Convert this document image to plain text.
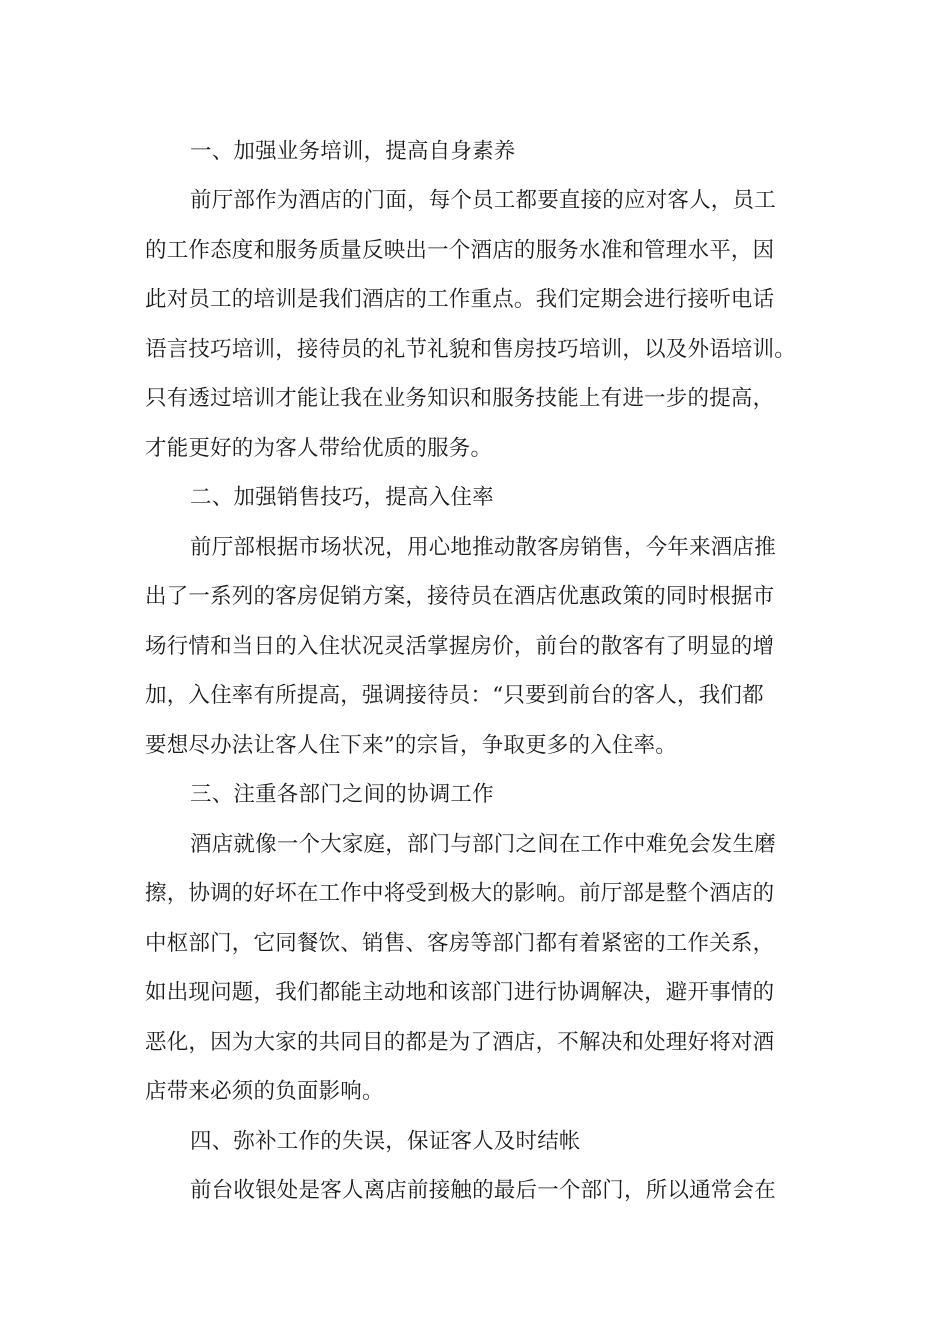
一、加强业务培训，提高自身素养
前厅部作为酒店的门面，每个员工都要直接的应对客人，员工
的工作态度和服务质量反映出一个酒店的服务水准和管理水平，因
此对员工的培训是我们酒店的工作重点。我们定期会进行接听电话
语言技巧培训，接待员的礼节礼貌和售房技巧培训，以及外语培训。
只有透过培训才能让我在业务知识和服务技能上有进一步的提高，
才能更好的为客人带给优质的服务。
二、加强销售技巧，提高入住率
前厅部根据市场状况，用心地推动散客房销售，今年来酒店推
出了一系列的客房促销方案，接待员在酒店优惠政策的同时根据市
场行情和当日的入住状况灵活掌握房价，前台的散客有了明显的增
加，入住率有所提高，强调接待员：“只要到前台的客人，我们都
要想尽办法让客人住下来”的宗旨，争取更多的入住率。
三、注重各部门之间的协调工作
酒店就像一个大家庭，部门与部门之间在工作中难免会发生磨
擦，协调的好坏在工作中将受到极大的影响。前厅部是整个酒店的
中枢部门，它同餐饮、销售、客房等部门都有着紧密的工作关系，
如出现问题，我们都能主动地和该部门进行协调解决，避开事情的
恶化，因为大家的共同目的都是为了酒店，不解决和处理好将对酒
店带来必须的负面影响。
四、弥补工作的失误，保证客人及时结帐
前台收银处是客人离店前接触的最后一个部门，所以通常会在
